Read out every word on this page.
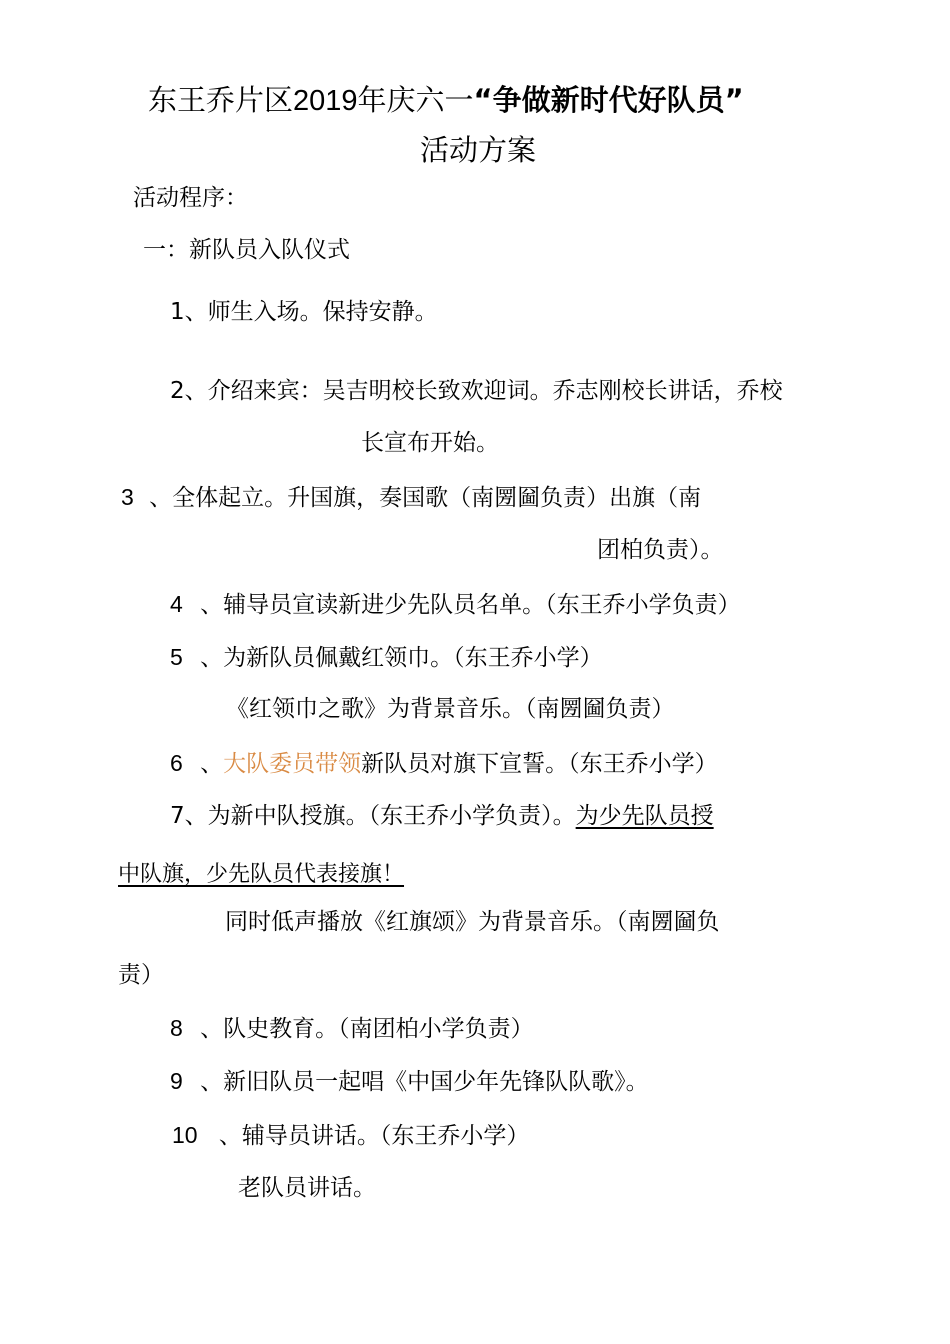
东王乔片区2019年庆六一“争做新时代好队员”
活动方案
活动程序：
一：新队员入队仪式
1、师生入场。保持安静。
2、介绍来宾：吴吉明校长致欢迎词。乔志刚校长讲话，乔校
长宣布开始。
3 、全体起立。升国旗，奏国歌（南圐圙负责）出旗（南
团柏负责）。
4 、辅导员宣读新进少先队员名单。（东王乔小学负责）
5 、为新队员佩戴红领巾。（东王乔小学）
《红领巾之歌》为背景音乐。（南圐圙负责）
6 、大队委员带领新队员对旗下宣誓。（东王乔小学）
7、为新中队授旗。（东王乔小学负责）。为少先队员授
中队旗，少先队员代表接旗！
同时低声播放《红旗颂》为背景音乐。（南圐圙负
责）
8 、队史教育。（南团柏小学负责）
9 、新旧队员一起唱《中国少年先锋队队歌》。
10 、辅导员讲话。（东王乔小学）
老队员讲话。
